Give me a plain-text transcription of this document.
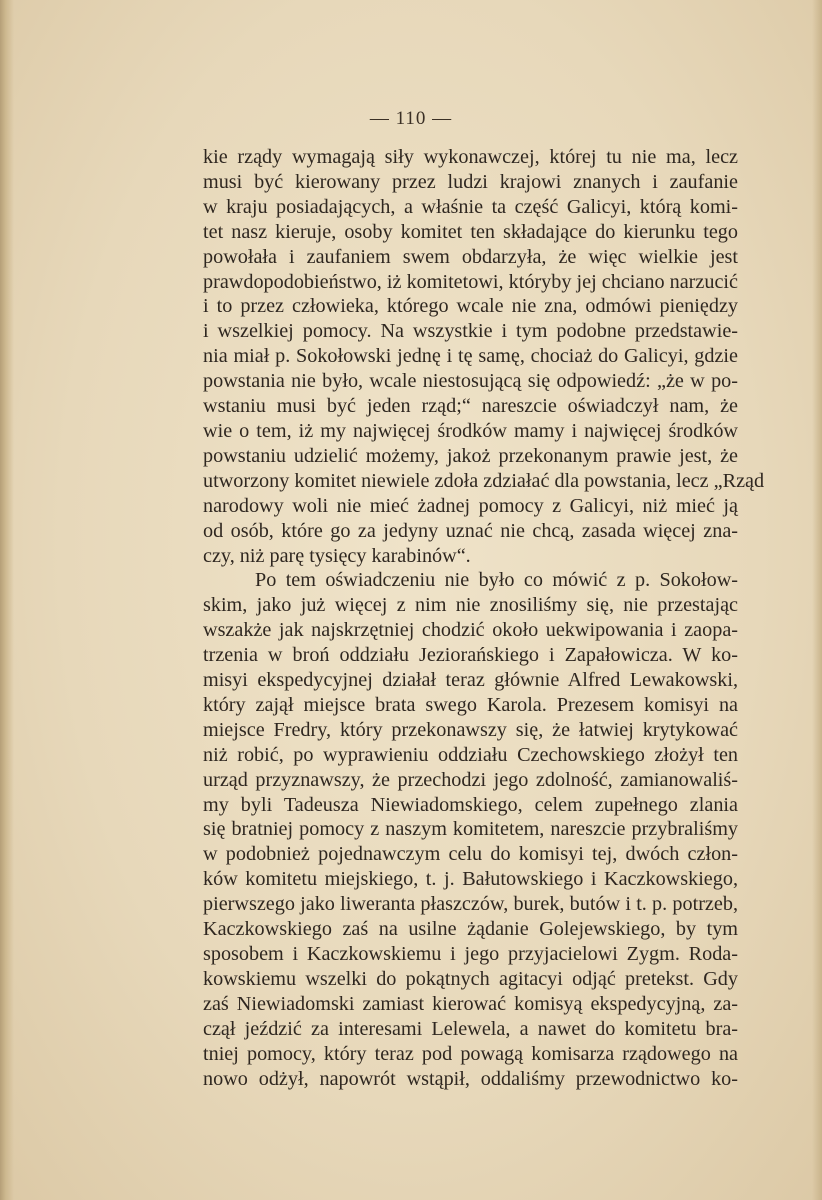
— 110 —
kie rządy wymagają siły wykonawczej, której tu nie ma, lecz
musi być kierowany przez ludzi krajowi znanych i zaufanie
w kraju posiadających, a właśnie ta część Galicyi, którą komi-
tet nasz kieruje, osoby komitet ten składające do kierunku tego
powołała i zaufaniem swem obdarzyła, że więc wielkie jest
prawdopodobieństwo, iż komitetowi, któryby jej chciano narzucić
i to przez człowieka, którego wcale nie zna, odmówi pieniędzy
i wszelkiej pomocy. Na wszystkie i tym podobne przedstawie-
nia miał p. Sokołowski jednę i tę samę, chociaż do Galicyi, gdzie
powstania nie było, wcale niestosującą się odpowiedź: „że w po-
wstaniu musi być jeden rząd;“ nareszcie oświadczył nam, że
wie o tem, iż my najwięcej środków mamy i najwięcej środków
powstaniu udzielić możemy, jakoż przekonanym prawie jest, że
utworzony komitet niewiele zdoła zdziałać dla powstania, lecz „Rząd
narodowy woli nie mieć żadnej pomocy z Galicyi, niż mieć ją
od osób, które go za jedyny uznać nie chcą, zasada więcej zna-
czy, niż parę tysięcy karabinów“.
Po tem oświadczeniu nie było co mówić z p. Sokołow-
skim, jako już więcej z nim nie znosiliśmy się, nie przestając
wszakże jak najskrzętniej chodzić około uekwipowania i zaopa-
trzenia w broń oddziału Jeziorańskiego i Zapałowicza. W ko-
misyi ekspedycyjnej działał teraz głównie Alfred Lewakowski,
który zajął miejsce brata swego Karola. Prezesem komisyi na
miejsce Fredry, który przekonawszy się, że łatwiej krytykować
niż robić, po wyprawieniu oddziału Czechowskiego złożył ten
urząd przyznawszy, że przechodzi jego zdolność, zamianowaliś-
my byli Tadeusza Niewiadomskiego, celem zupełnego zlania
się bratniej pomocy z naszym komitetem, nareszcie przybraliśmy
w podobnież pojednawczym celu do komisyi tej, dwóch człon-
ków komitetu miejskiego, t. j. Bałutowskiego i Kaczkowskiego,
pierwszego jako liweranta płaszczów, burek, butów i t. p. potrzeb,
Kaczkowskiego zaś na usilne żądanie Golejewskiego, by tym
sposobem i Kaczkowskiemu i jego przyjacielowi Zygm. Roda-
kowskiemu wszelki do pokątnych agitacyi odjąć pretekst. Gdy
zaś Niewiadomski zamiast kierować komisyą ekspedycyjną, za-
czął jeździć za interesami Lelewela, a nawet do komitetu bra-
tniej pomocy, który teraz pod powagą komisarza rządowego na
nowo odżył, napowrót wstąpił, oddaliśmy przewodnictwo ko-
